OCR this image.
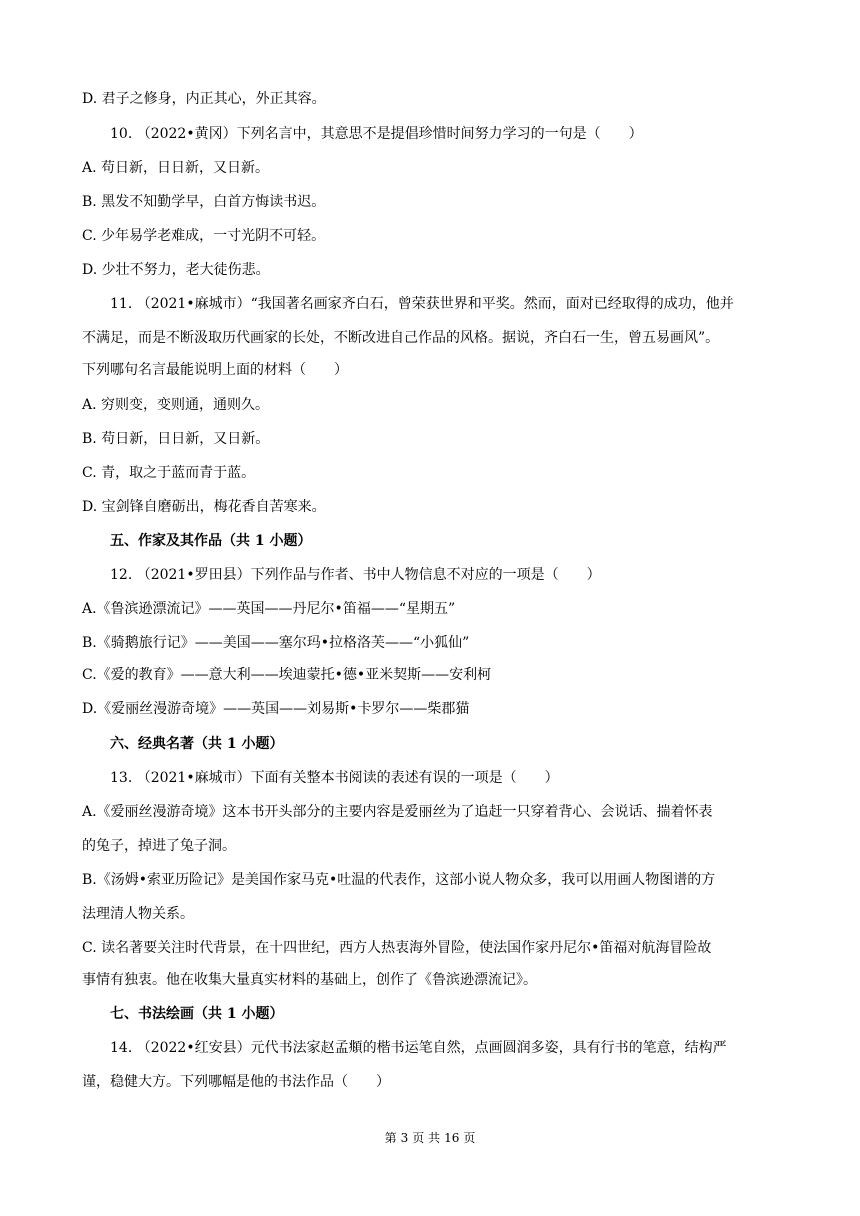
D. 君子之修身，内正其心，外正其容。
10. （2022•黄冈）下列名言中，其意思不是提倡珍惜时间努力学习的一句是（　　）
A. 苟日新，日日新，又日新。
B. 黑发不知勤学早，白首方悔读书迟。
C. 少年易学老难成，一寸光阴不可轻。
D. 少壮不努力，老大徒伤悲。
11. （2021•麻城市）“我国著名画家齐白石，曾荣获世界和平奖。然而，面对已经取得的成功，他并
不满足，而是不断汲取历代画家的长处，不断改进自己作品的风格。据说，齐白石一生，曾五易画风”。
下列哪句名言最能说明上面的材料（　　）
A. 穷则变，变则通，通则久。
B. 苟日新，日日新，又日新。
C. 青，取之于蓝而青于蓝。
D. 宝剑锋自磨砺出，梅花香自苦寒来。
五、作家及其作品（共 1 小题）
12. （2021•罗田县）下列作品与作者、书中人物信息不对应的一项是（　　）
A.《鲁滨逊漂流记》——英国——丹尼尔•笛福——“星期五”
B.《骑鹅旅行记》——美国——塞尔玛•拉格洛芙——“小狐仙”
C.《爱的教育》——意大利——埃迪蒙托•德•亚米契斯——安利柯
D.《爱丽丝漫游奇境》——英国——刘易斯•卡罗尔——柴郡猫
六、经典名著（共 1 小题）
13. （2021•麻城市）下面有关整本书阅读的表述有误的一项是（　　）
A.《爱丽丝漫游奇境》这本书开头部分的主要内容是爱丽丝为了追赶一只穿着背心、会说话、揣着怀表
的兔子，掉进了兔子洞。
B.《汤姆•索亚历险记》是美国作家马克•吐温的代表作，这部小说人物众多，我可以用画人物图谱的方
法理清人物关系。
C. 读名著要关注时代背景，在十四世纪，西方人热衷海外冒险，使法国作家丹尼尔•笛福对航海冒险故
事情有独衷。他在收集大量真实材料的基础上，创作了《鲁滨逊漂流记》。
七、书法绘画（共 1 小题）
14. （2022•红安县）元代书法家赵孟頫的楷书运笔自然，点画圆润多姿，具有行书的笔意，结构严
谨，稳健大方。下列哪幅是他的书法作品（　　）
第 3 页 共 16 页
